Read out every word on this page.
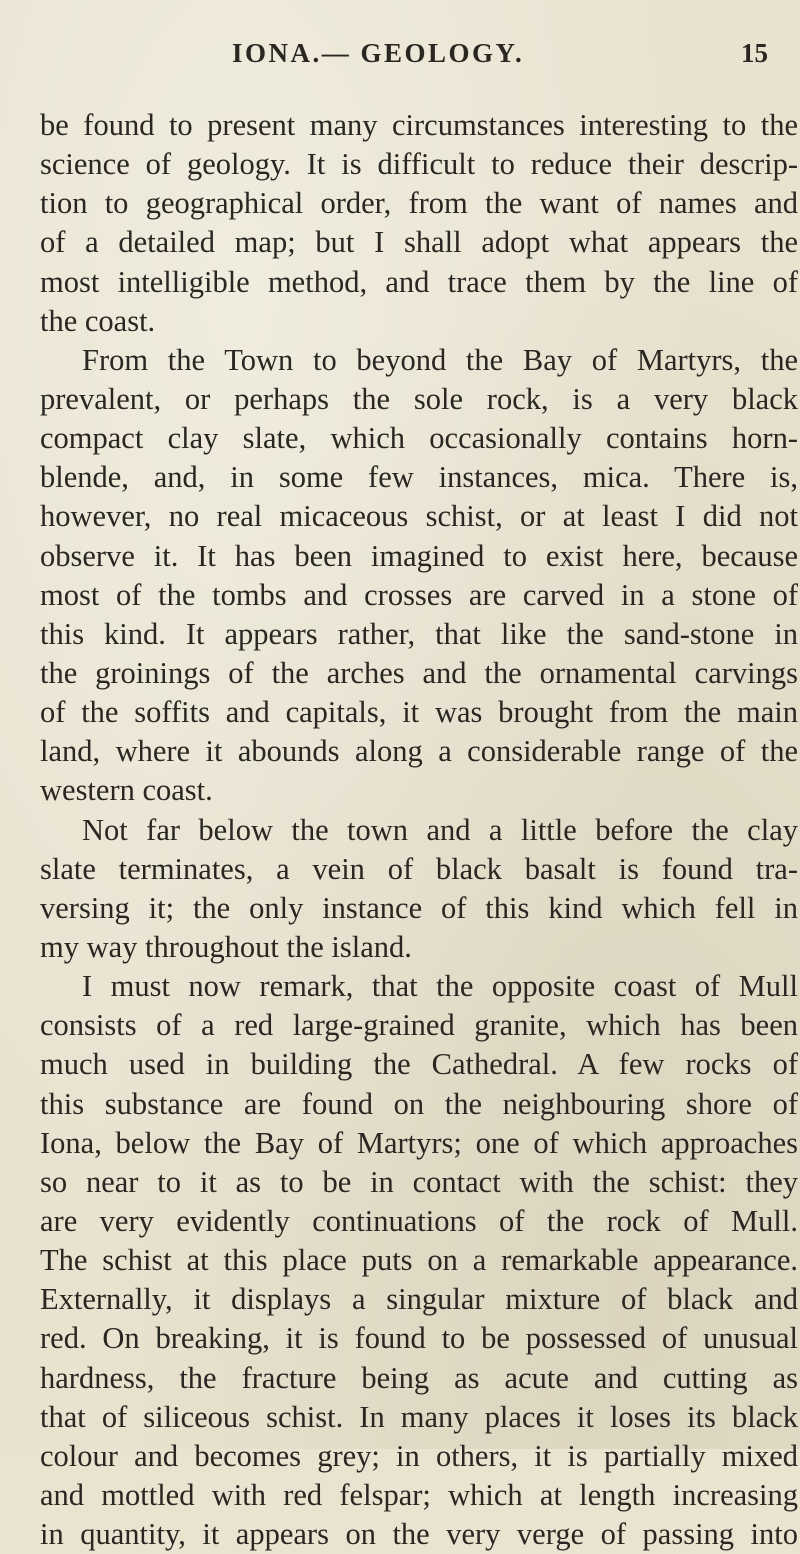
IONA.— GEOLOGY.	15
be found to present many circumstances interesting to the
science of geology. It is difficult to reduce their descrip-
tion to geographical order, from the want of names and
of a detailed map; but I shall adopt what appears the
most intelligible method, and trace them by the line of
the coast.
From the Town to beyond the Bay of Martyrs, the
prevalent, or perhaps the sole rock, is a very black
compact clay slate, which occasionally contains horn-
blende, and, in some few instances, mica. There is,
however, no real micaceous schist, or at least I did not
observe it. It has been imagined to exist here, because
most of the tombs and crosses are carved in a stone of
this kind. It appears rather, that like the sand-stone in
the groinings of the arches and the ornamental carvings
of the soffits and capitals, it was brought from the main
land, where it abounds along a considerable range of the
western coast.
Not far below the town and a little before the clay
slate terminates, a vein of black basalt is found tra-
versing it; the only instance of this kind which fell in
my way throughout the island.
I must now remark, that the opposite coast of Mull
consists of a red large-grained granite, which has been
much used in building the Cathedral. A few rocks of
this substance are found on the neighbouring shore of
Iona, below the Bay of Martyrs; one of which approaches
so near to it as to be in contact with the schist: they
are very evidently continuations of the rock of Mull.
The schist at this place puts on a remarkable appearance.
Externally, it displays a singular mixture of black and
red. On breaking, it is found to be possessed of unusual
hardness, the fracture being as acute and cutting as
that of siliceous schist. In many places it loses its black
colour and becomes grey; in others, it is partially mixed
and mottled with red felspar; which at length increasing
in quantity, it appears on the very verge of passing into
